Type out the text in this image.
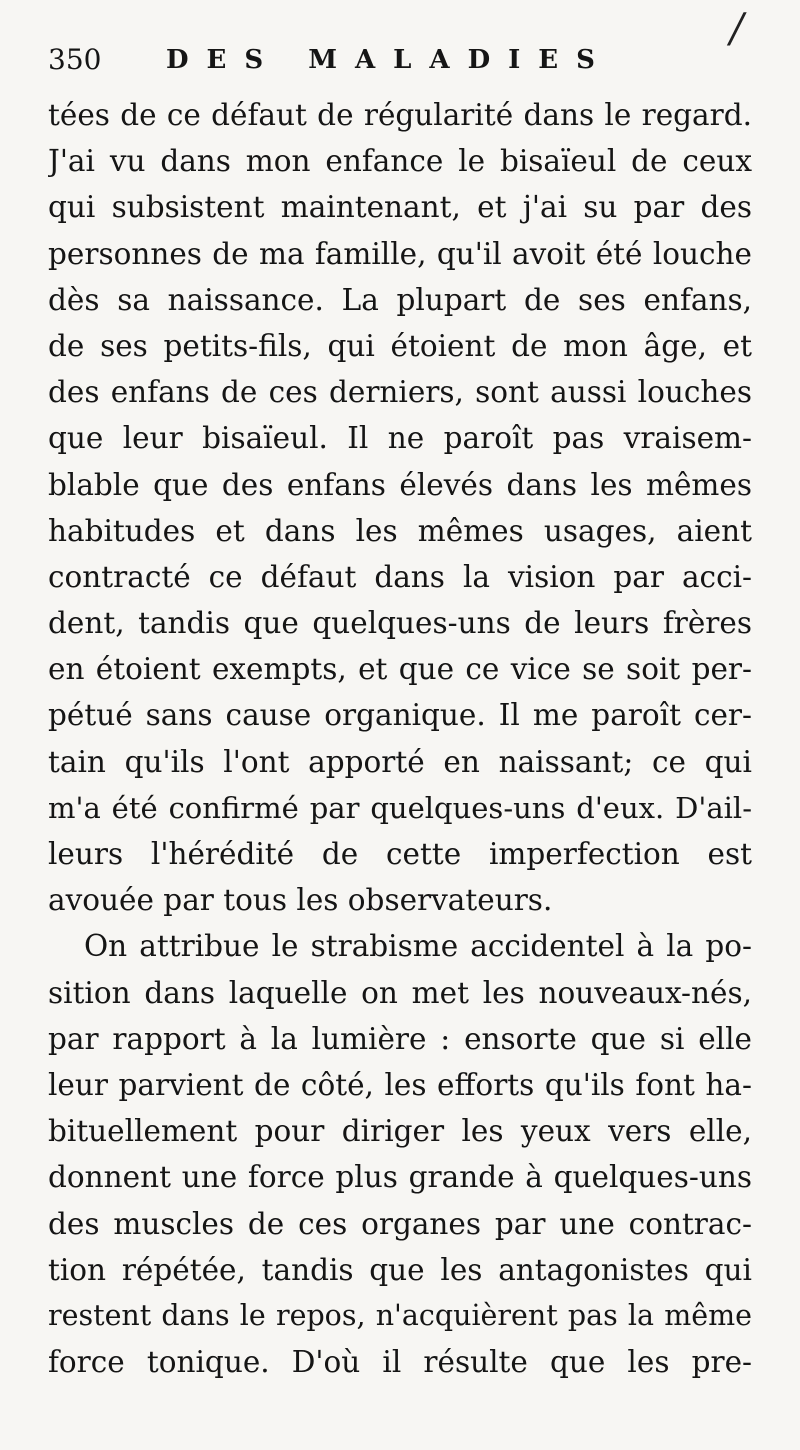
350 DES MALADIES
/
tées de ce défaut de régularité dans le regard.
J'ai vu dans mon enfance le bisaïeul de ceux
qui subsistent maintenant, et j'ai su par des
personnes de ma famille, qu'il avoit été louche
dès sa naissance. La plupart de ses enfans,
de ses petits-fils, qui étoient de mon âge, et
des enfans de ces derniers, sont aussi louches
que leur bisaïeul. Il ne paroît pas vraisem-
blable que des enfans élevés dans les mêmes
habitudes et dans les mêmes usages, aient
contracté ce défaut dans la vision par acci-
dent, tandis que quelques-uns de leurs frères
en étoient exempts, et que ce vice se soit per-
pétué sans cause organique. Il me paroît cer-
tain qu'ils l'ont apporté en naissant; ce qui
m'a été confirmé par quelques-uns d'eux. D'ail-
leurs l'hérédité de cette imperfection est
avouée par tous les observateurs.
On attribue le strabisme accidentel à la po-
sition dans laquelle on met les nouveaux-nés,
par rapport à la lumière : ensorte que si elle
leur parvient de côté, les efforts qu'ils font ha-
bituellement pour diriger les yeux vers elle,
donnent une force plus grande à quelques-uns
des muscles de ces organes par une contrac-
tion répétée, tandis que les antagonistes qui
restent dans le repos, n'acquièrent pas la même
force tonique. D'où il résulte que les pre-
